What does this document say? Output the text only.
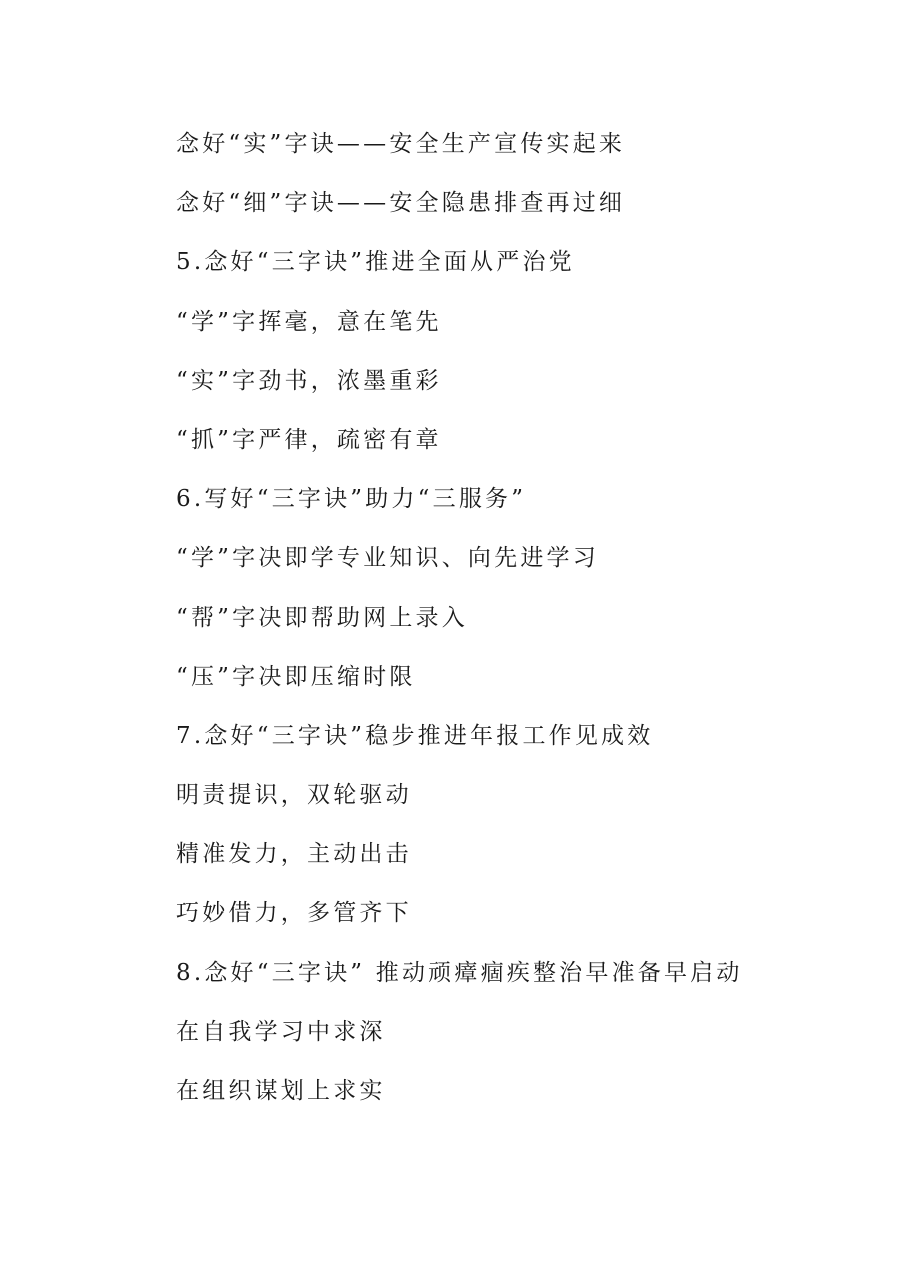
念好“实”字诀——安全生产宣传实起来
念好“细”字诀——安全隐患排查再过细
5.念好“三字诀”推进全面从严治党
“学”字挥毫，意在笔先
“实”字劲书，浓墨重彩
“抓”字严律，疏密有章
6.写好“三字诀”助力“三服务”
“学”字决即学专业知识、向先进学习
“帮”字决即帮助网上录入
“压”字决即压缩时限
7.念好“三字诀”稳步推进年报工作见成效
明责提识，双轮驱动
精准发力，主动出击
巧妙借力，多管齐下
8.念好“三字诀” 推动顽瘴痼疾整治早准备早启动
在自我学习中求深
在组织谋划上求实
